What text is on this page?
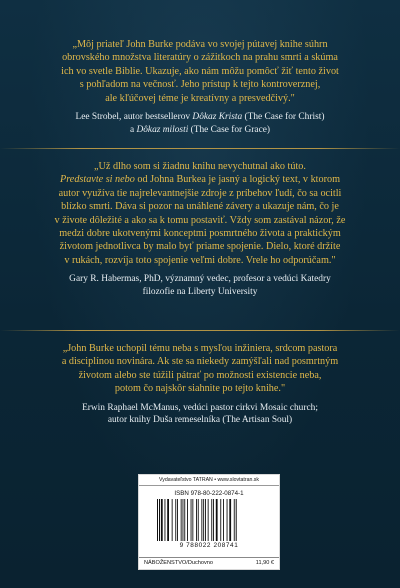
„Môj priateľ John Burke podáva vo svojej pútavej knihe súhrn
obrovského množstva literatúry o zážitkoch na prahu smrti a skúma
ich vo svetle Biblie. Ukazuje, ako nám môžu pomôcť žiť tento život
s pohľadom na večnosť. Jeho prístup k tejto kontroverznej,
ale kľúčovej téme je kreatívny a presvedčivý."

Lee Strobel, autor bestsellerov Dôkaz Krista (The Case for Christ)
a Dôkaz milosti (The Case for Grace)

„Už dlho som si žiadnu knihu nevychutnal ako túto.
Predstavte si nebo od Johna Burkea je jasný a logický text, v ktorom
autor využíva tie najrelevantnejšie zdroje z príbehov ľudí, čo sa ocitli
blízko smrti. Dáva si pozor na unáhlené závery a ukazuje nám, čo je
v živote dôležité a ako sa k tomu postaviť. Vždy som zastával názor, že
medzi dobre ukotvenými konceptmi posmrtného života a praktickým
životom jednotlivca by malo byť priame spojenie. Dielo, ktoré držíte
v rukách, rozvíja toto spojenie veľmi dobre. Vrele ho odporúčam."

Gary R. Habermas, PhD, významný vedec, profesor a vedúci Katedry
filozofie na Liberty University

„John Burke uchopil tému neba s mysľou inžiniera, srdcom pastora
a disciplínou novinára. Ak ste sa niekedy zamýšľali nad posmrtným
životom alebo ste túžili pátrať po možnosti existencie neba,
potom čo najskôr siahnite po tejto knihe."

Erwin Raphael McManus, vedúci pastor cirkvi Mosaic church;
autor knihy Duša remeselníka (The Artisan Soul)

Vydavateľstvo TATRAN • www.slovtatran.sk
ISBN 978-80-222-0874-1
9 788022 208741
NÁBOŽENSTVO/Duchovno	11,90 €
